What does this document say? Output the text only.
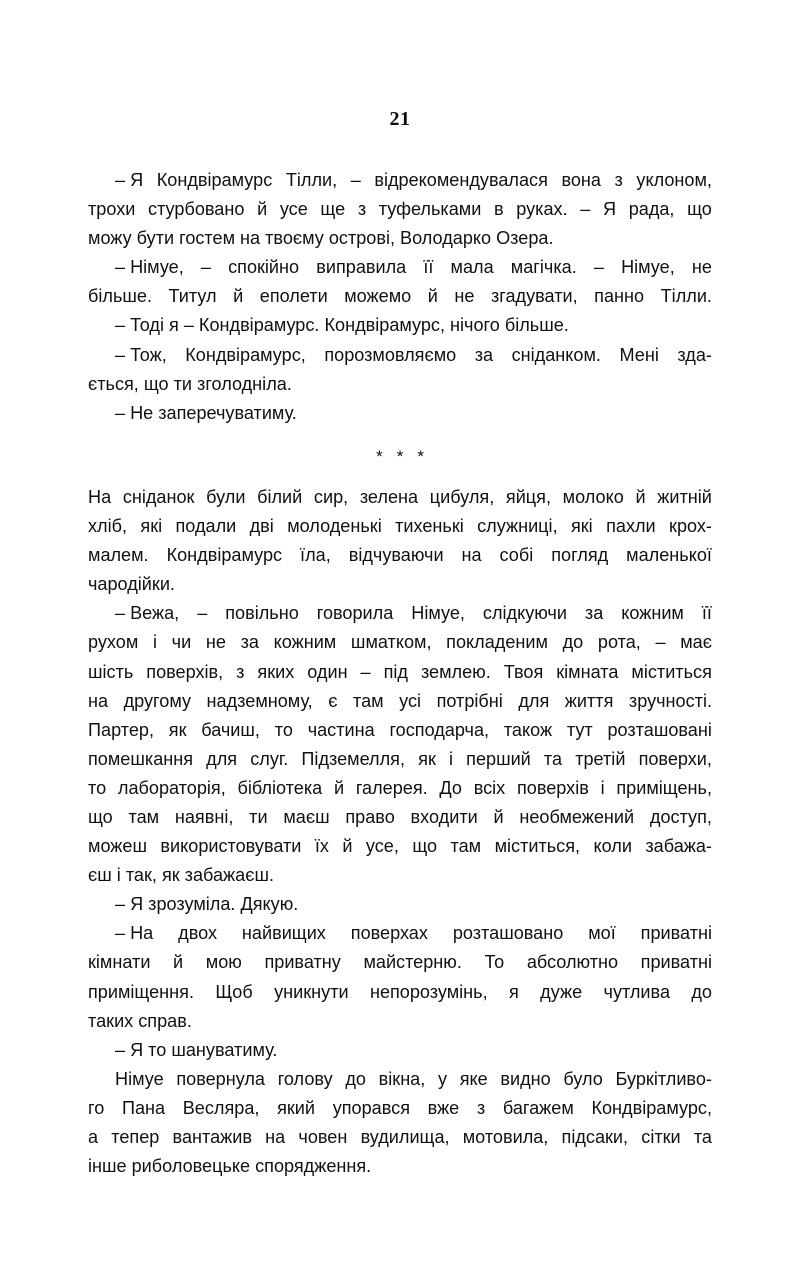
21

– Я Кондвірамурс Тілли, – відрекомендувалася вона з уклоном,
трохи стурбовано й усе ще з туфельками в руках. – Я рада, що
можу бути гостем на твоєму острові, Володарко Озера.

– Німуе, – спокійно виправила її мала магічка. – Німуе, не
більше. Титул й еполети можемо й не згадувати, панно Тілли.

– Тоді я – Кондвірамурс. Кондвірамурс, нічого більше.

– Тож, Кондвірамурс, порозмовляємо за сніданком. Мені зда-
ється, що ти зголодніла.

– Не заперечуватиму.

* * *

На сніданок були білий сир, зелена цибуля, яйця, молоко й житній
хліб, які подали дві молоденькі тихенькі служниці, які пахли крох-
малем. Кондвірамурс їла, відчуваючи на собі погляд маленької
чародійки.

– Вежа, – повільно говорила Німуе, слідкуючи за кожним її
рухом і чи не за кожним шматком, покладеним до рота, – має
шість поверхів, з яких один – під землею. Твоя кімната міститься
на другому надземному, є там усі потрібні для життя зручності.
Партер, як бачиш, то частина господарча, також тут розташовані
помешкання для слуг. Підземелля, як і перший та третій поверхи,
то лабораторія, бібліотека й галерея. До всіх поверхів і приміщень,
що там наявні, ти маєш право входити й необмежений доступ,
можеш використовувати їх й усе, що там міститься, коли забажа-
єш і так, як забажаєш.

– Я зрозуміла. Дякую.

– На двох найвищих поверхах розташовано мої приватні
кімнати й мою приватну майстерню. То абсолютно приватні
приміщення. Щоб уникнути непорозумінь, я дуже чутлива до
таких справ.

– Я то шануватиму.

Німуе повернула голову до вікна, у яке видно було Буркітливо-
го Пана Весляра, який упорався вже з багажем Кондвірамурс,
а тепер вантажив на човен вудилища, мотовила, підсаки, сітки та
інше риболовецьке спорядження.
